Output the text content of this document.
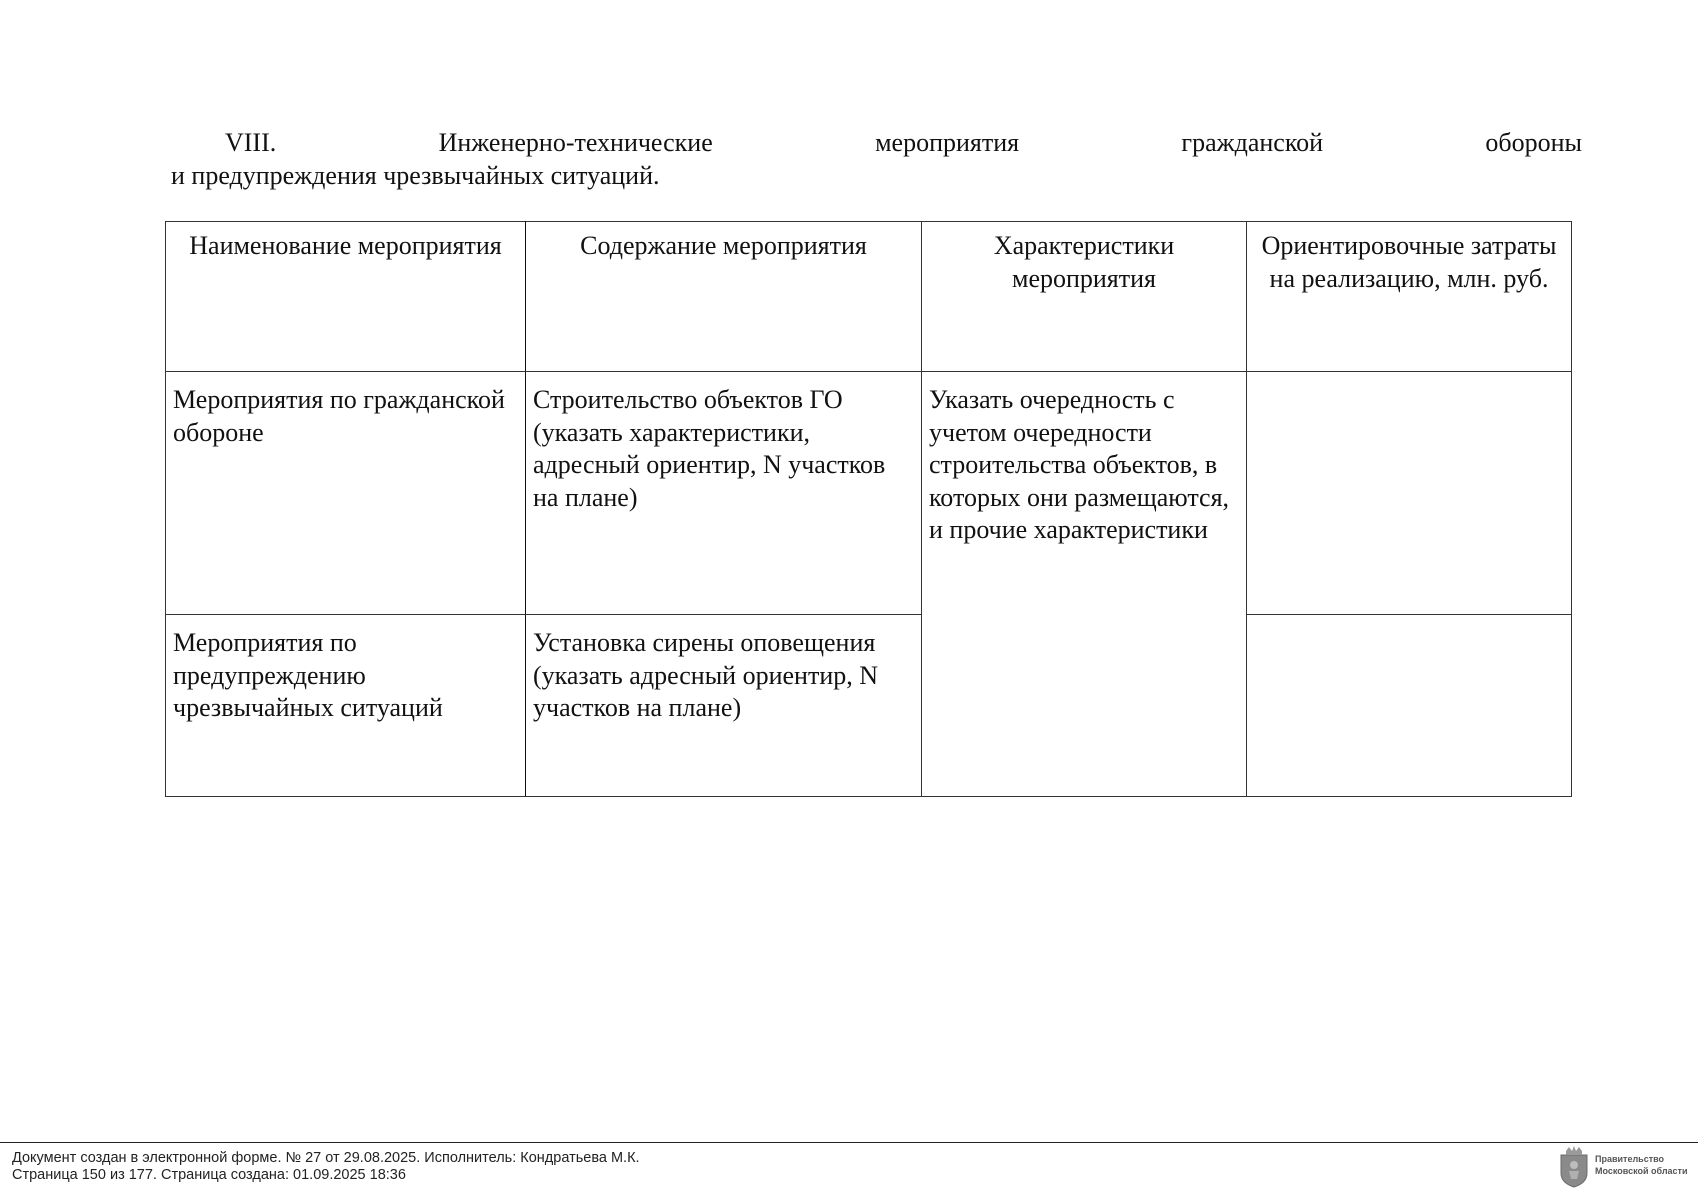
VIII.	Инженерно-технические	мероприятия	гражданской	обороны
и предупреждения чрезвычайных ситуаций.
Наименование мероприятия	Содержание мероприятия	Характеристики мероприятия	Ориентировочные затраты на реализацию, млн. руб.
Мероприятия по гражданской обороне	Строительство объектов ГО (указать характеристики, адресный ориентир, N участков на плане)	Указать очередность с учетом очередности строительства объектов, в которых они размещаются, и прочие характеристики	
Мероприятия по предупреждению чрезвычайных ситуаций	Установка сирены оповещения (указать адресный ориентир, N участков на плане)		
Документ создан в электронной форме. № 27 от 29.08.2025. Исполнитель: Кондратьева М.К.
Страница 150 из 177. Страница создана: 01.09.2025 18:36
Правительство
Московской области
